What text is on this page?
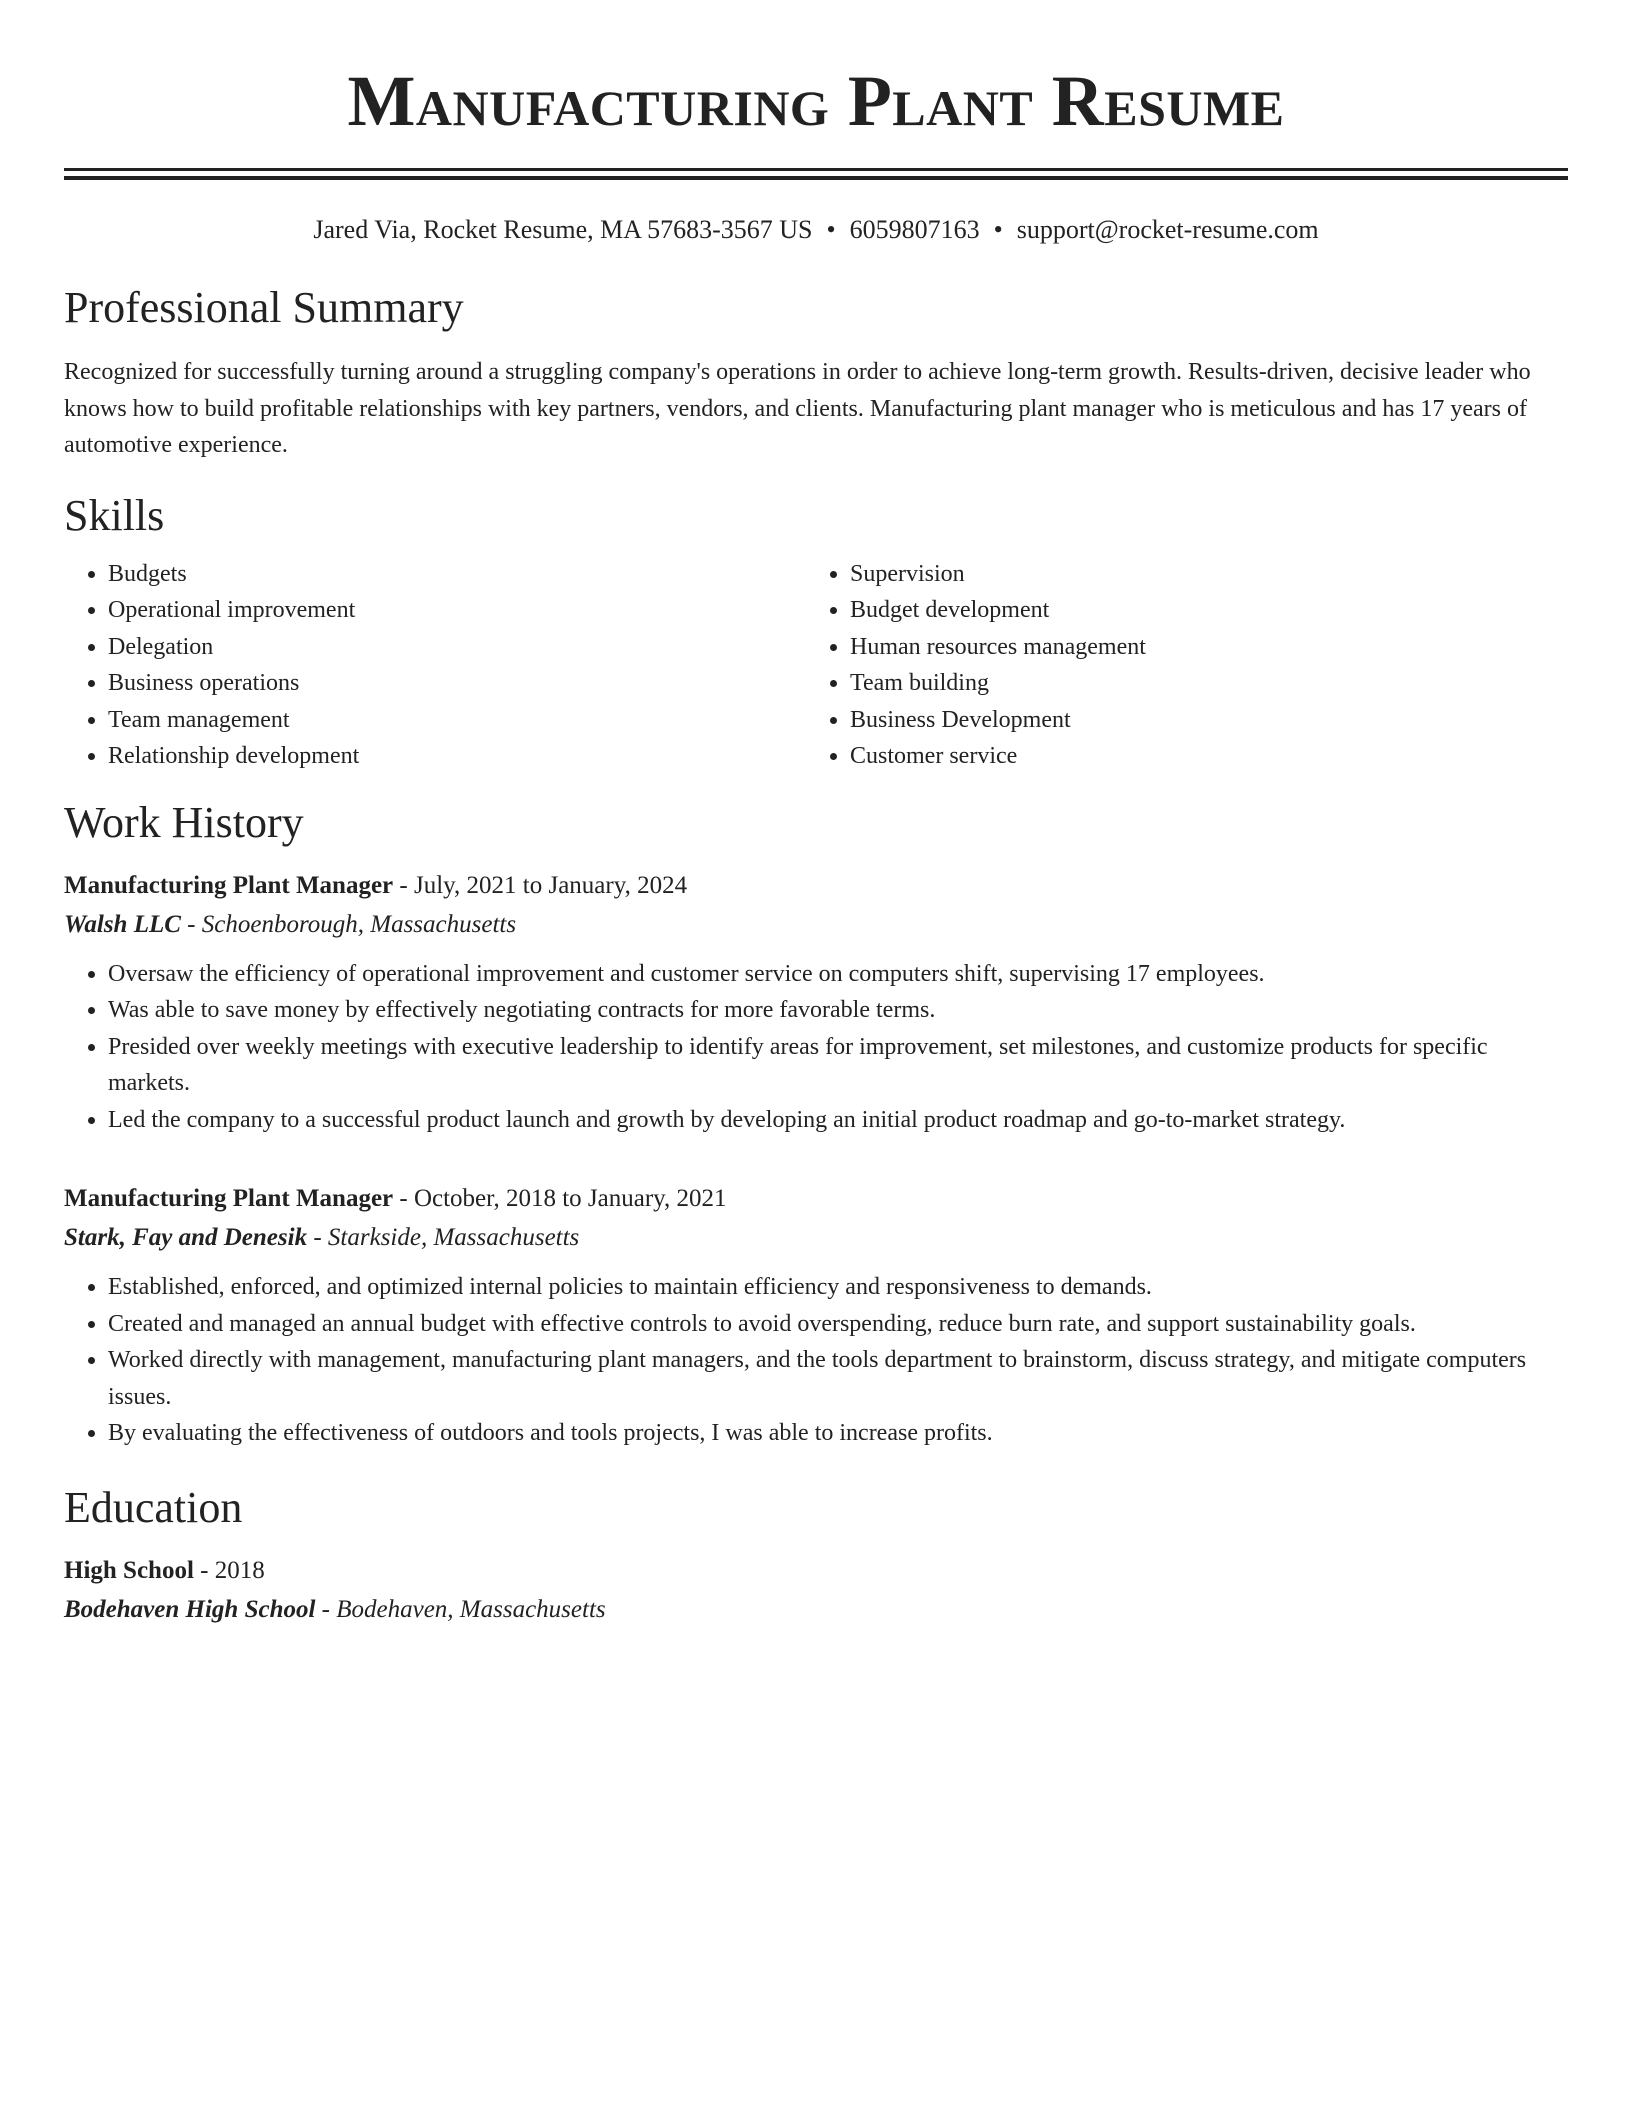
Manufacturing Plant Resume
Jared Via, Rocket Resume, MA 57683-3567 US • 6059807163 • support@rocket-resume.com
Professional Summary

Recognized for successfully turning around a struggling company's operations in order to achieve long-term growth. Results-driven, decisive leader who knows how to build profitable relationships with key partners, vendors, and clients. Manufacturing plant manager who is meticulous and has 17 years of automotive experience.

Skills
• Budgets
• Operational improvement
• Delegation
• Business operations
• Team management
• Relationship development
• Supervision
• Budget development
• Human resources management
• Team building
• Business Development
• Customer service
Work History
Manufacturing Plant Manager - July, 2021 to January, 2024
Walsh LLC - Schoenborough, Massachusetts
• Oversaw the efficiency of operational improvement and customer service on computers shift, supervising 17 employees.
• Was able to save money by effectively negotiating contracts for more favorable terms.
• Presided over weekly meetings with executive leadership to identify areas for improvement, set milestones, and customize products for specific markets.
• Led the company to a successful product launch and growth by developing an initial product roadmap and go-to-market strategy.
Manufacturing Plant Manager - October, 2018 to January, 2021
Stark, Fay and Denesik - Starkside, Massachusetts
• Established, enforced, and optimized internal policies to maintain efficiency and responsiveness to demands.
• Created and managed an annual budget with effective controls to avoid overspending, reduce burn rate, and support sustainability goals.
• Worked directly with management, manufacturing plant managers, and the tools department to brainstorm, discuss strategy, and mitigate computers issues.
• By evaluating the effectiveness of outdoors and tools projects, I was able to increase profits.
Education
High School - 2018
Bodehaven High School - Bodehaven, Massachusetts
